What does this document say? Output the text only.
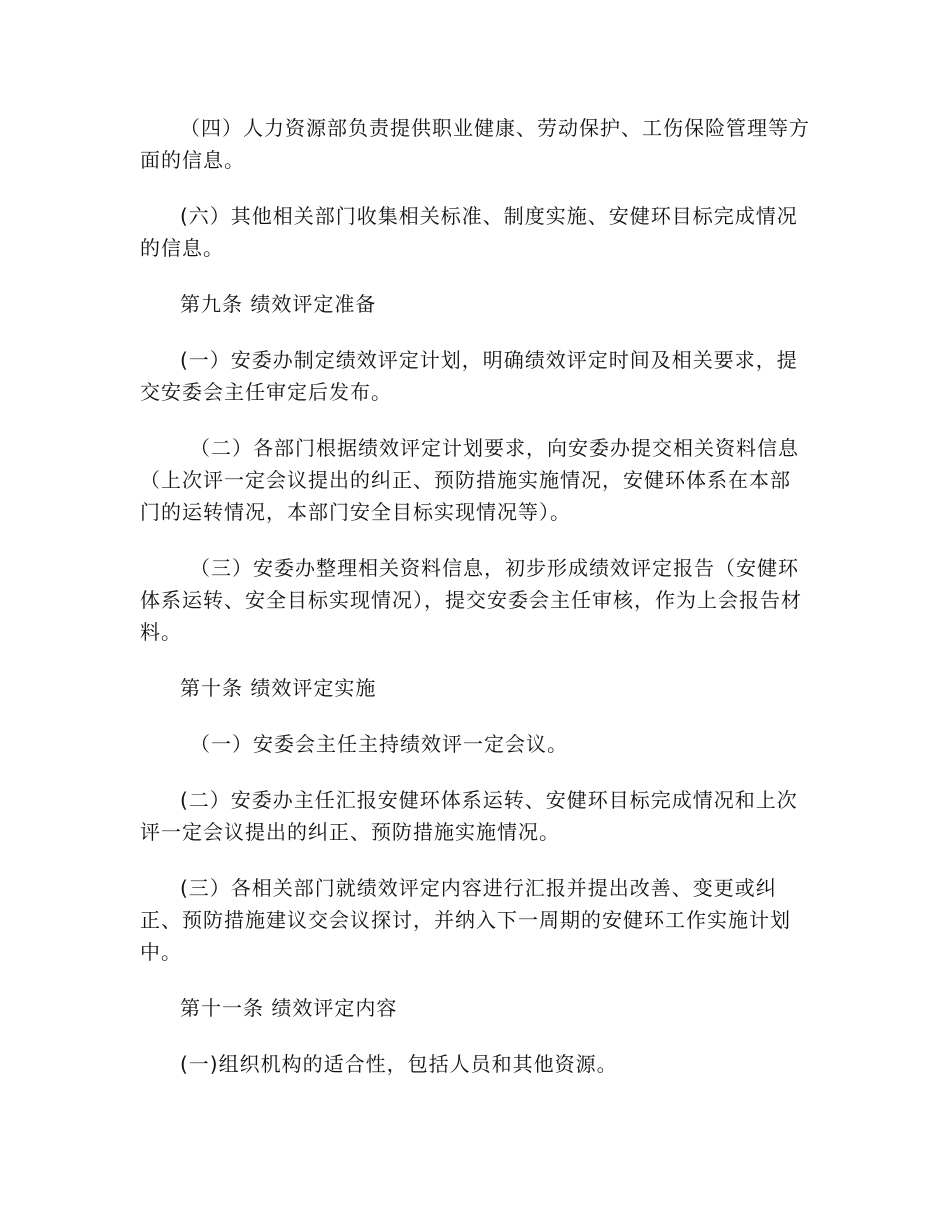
（四）人力资源部负责提供职业健康、劳动保护、工伤保险管理等方面的信息。

(六）其他相关部门收集相关标准、制度实施、安健环目标完成情况的信息。

第九条 绩效评定准备

(一）安委办制定绩效评定计划，明确绩效评定时间及相关要求，提交安委会主任审定后发布。

（二）各部门根据绩效评定计划要求，向安委办提交相关资料信息（上次评一定会议提出的纠正、预防措施实施情况，安健环体系在本部门的运转情况，本部门安全目标实现情况等）。

（三）安委办整理相关资料信息，初步形成绩效评定报告（安健环体系运转、安全目标实现情况），提交安委会主任审核，作为上会报告材料。

第十条 绩效评定实施

（一）安委会主任主持绩效评一定会议。

(二）安委办主任汇报安健环体系运转、安健环目标完成情况和上次评一定会议提出的纠正、预防措施实施情况。

(三）各相关部门就绩效评定内容进行汇报并提出改善、变更或纠正、预防措施建议交会议探讨，并纳入下一周期的安健环工作实施计划中。

第十一条 绩效评定内容

(一)组织机构的适合性，包括人员和其他资源。
